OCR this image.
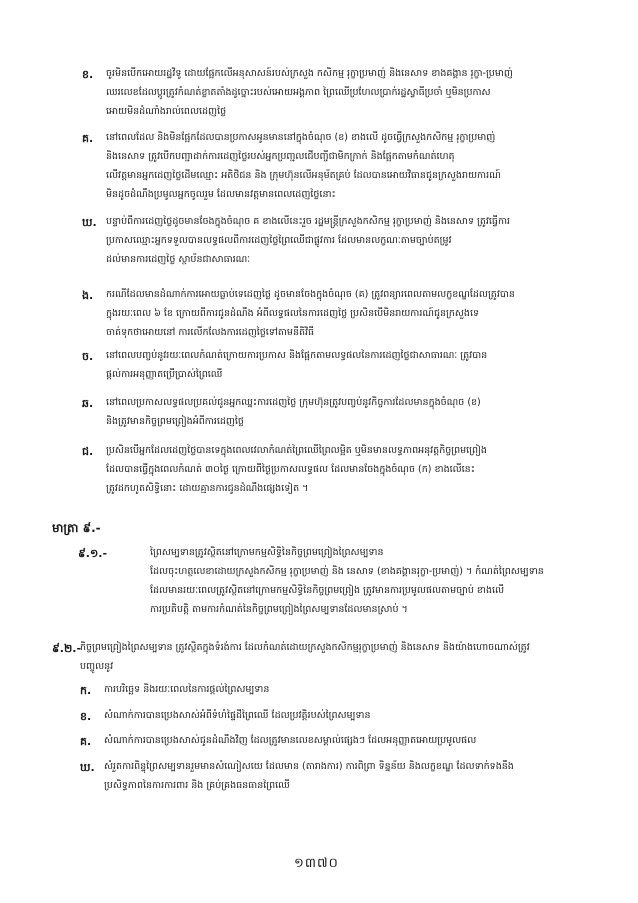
ខ. ចូរមិនបើកអោយរដ្ឋវិទូ ដោយផ្អែកលើអនុសាសន៍របស់ក្រសួង កសិកម្ម រុក្ខាប្រមាញ់ និងនេសាទ ខាងគង្គាន រុក្ខា-ប្រមាញ់
ឈរលេខដែលប្តូរត្រូវកំណត់ខ្លាតតាំងដូច្នោះរបស់អោយអង្គភាព ព្រៃឈើប្រហែលប្រាក់រដ្ឋស្វាធីប្រចាំ ឬមិនប្រកាស
អោយមិនដំណាំងរាល់ពេលដេញថ្លៃ
គ. នៅពេលដែល និងមិនផ្អែកដែលបានប្រកាសអូនមាននៅក្នុងចំណុច (ខ) ខាងលើ ដូចធ្វើក្រសួងកសិកម្ម រុក្ខាប្រមាញ់
និងនេសាទ ត្រូវបើកបញ្ជាដាក់ការដេញថ្លៃរបស់អ្នកប្រញ្ជលជើបញ្ចីជាមិកក្រាក់ និងផ្អែកតាមកំណត់ហេតុ
លើវត្តមានអ្នកដេញថ្លៃដើមឈ្មោះ អតិថិជន និង ក្រុមហ៊ុនលើអនុម័តគ្រប់ ដែលបានអោយវិធានជូនក្រសួងរាយការណ៍
មិនដូចដំណឹងប្រមូលអ្នកចូលរួម ដែលមានវត្តមានពេលដេញថ្លៃនោះ
ឃ. បន្ទាប់ពីការដេញថ្លៃដូចមានចែងក្នុងចំណុច គ ខាងលើនេះរួច រដ្ឋមន្ត្រីក្រសួងកសិកម្ម រុក្ខាប្រមាញ់ និងនេសាទ ត្រូវធ្វើការ
ប្រកាសឈ្មោះអ្នកទទួលបានលទ្ធផលពីការដេញថ្លៃព្រៃឈើជាផ្លូវការ ដែលមានលក្ខណៈតាមច្បាប់តម្រូវ
ដល់មានការដេញថ្លៃ ស្ថាប័នជាសាធារណៈ
ង. ករណីដែលមានដំណាក់ការអោយធ្លាប់ទេដេញថ្លៃ ដូចមានចែងក្នុងចំណុច (គ) ត្រូវពន្យារពេលតាមលក្ខខណ្ឌដែលត្រូវបាន
ក្នុងរយៈពេល ៦ ខែ ក្រោយពីការជូនដំណឹង អំពីលទ្ធផលនៃការដេញថ្លៃ ប្រសិនបើមិនរាយការណ៍ជូនក្រសួងទេ
ចាត់ទុកថាអោយនៅ ការលើកលែងការដេញថ្លៃទៅតាមនីតិវិធី
ច. នៅពេលបញ្ចប់នូវរយៈពេលកំណត់ក្រោយការប្រកាស និងផ្អែកតាមលទ្ធផលនៃការដេញថ្លៃជាសាធារណៈ ត្រូវបាន
ផ្តល់ការអនុញ្ញាតប្រើប្រាស់ព្រៃឈើ
ឆ. នៅពេលប្រកាសលទ្ធផលប្រគល់ជូនអ្នកឈ្នះការដេញថ្លៃ ក្រុមហ៊ុនត្រូវបញ្ចប់នូវកិច្ចការដែលមានក្នុងចំណុច (ខ)
និងត្រូវមានកិច្ចព្រមព្រៀងអំពីការដេញថ្លៃ
ជ. ប្រសិនបើអ្នកដែលដេញថ្លៃបានទេក្នុងពេលវេលាកំណត់ព្រៃឈើព្រៃលម្អិត ឬមិនមានលទ្ធភាពអនុវត្តកិច្ចព្រមព្រៀង
ដែលបានធ្វើក្នុងពេលកំណត់ ៣០ថ្ងៃ ក្រោយពីថ្ងៃប្រកាសលទ្ធផល ដែលមានចែងក្នុងចំណុច (ក) ខាងលើនេះ
ត្រូវដកហូតសិទ្ធិនោះ ដោយគ្មានការជូនដំណឹងផ្សេងទៀត ។
មាត្រា ៩.-
៩.១.-	ព្រៃសម្បទានត្រូវស្ថិតនៅក្រោមកម្មសិទ្ធិនៃកិច្ចព្រមព្រៀងព្រៃសម្បទាន
ដែលចុះហត្ថលេខាដោយក្រសួងកសិកម្ម រុក្ខាប្រមាញ់ និង នេសាទ (ខាងគង្គានរុក្ខា-ប្រមាញ់) ។ កំណត់ព្រៃសម្បទាន
ដែលមានរយៈពេលត្រូវស្ថិតនៅក្រោមកម្មសិទ្ធិនៃកិច្ចព្រមព្រៀង ត្រូវមានការប្រមូលផលតាមច្បាប់ ខាងលើ
ការប្រតិបត្តិ តាមការកំណត់នៃកិច្ចព្រមព្រៀងព្រៃសម្បទានដែលមានស្រាប់ ។
៩.២.-
កិច្ចព្រមព្រៀងព្រៃសម្បទាន ត្រូវស្ថិតក្នុងទំរង់ការ ដែលកំណត់ដោយក្រសួងកសិកម្មរុក្ខាប្រមាញ់ និងនេសាទ និងយ៉ាងហោចណាស់ត្រូវ
បញ្ចូលនូវ
ក. ការបរិច្ឆេទ និងរយៈពេលនៃការផ្តល់ព្រៃសម្បទាន
ខ. សំណាក់ការបានប្រេងសាស់អំពីទំហំផ្ទៃដីព្រៃឈើ ដែលប្រវត្តិរបស់ព្រៃសម្បទាន
គ. សំណាក់ការបានប្រេងសាស់ជូនដំណឹងវិញ ដែលត្រូវមានលេខសម្គាល់ផ្សេងៗ ដែលអនុញ្ញាតអោយប្រមូលផល
ឃ. សំរួតការពិន្ទុព្រៃសម្បទានរួមមានសំណៀសយេ ដែលមាន (តារាងការ) ការពិព្រា ទិន្នន័យ និងលក្ខខណ្ឌ ដែលទាក់ទងនឹង
ប្រសិទ្ធភាពនៃការការពារ និង គ្រប់គ្រងធនធានព្រៃឈើ
១៣៧០
